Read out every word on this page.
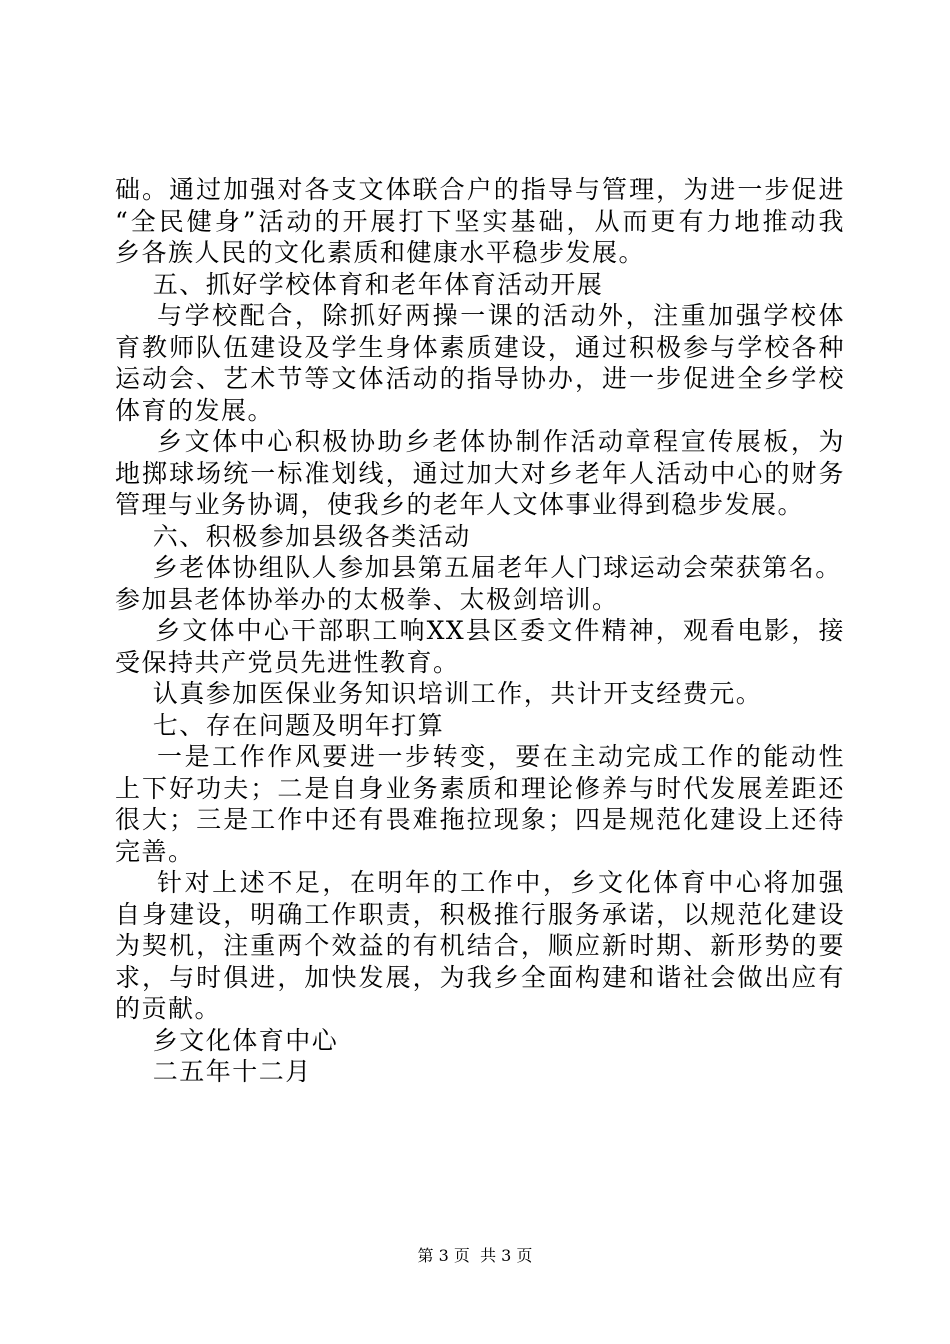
础。通过加强对各支文体联合户的指导与管理，为进一步促进
“全民健身”活动的开展打下坚实基础，从而更有力地推动我
乡各族人民的文化素质和健康水平稳步发展。
五、抓好学校体育和老年体育活动开展
与学校配合，除抓好两操一课的活动外，注重加强学校体
育教师队伍建设及学生身体素质建设，通过积极参与学校各种
运动会、艺术节等文体活动的指导协办，进一步促进全乡学校
体育的发展。
乡文体中心积极协助乡老体协制作活动章程宣传展板，为
地掷球场统一标准划线，通过加大对乡老年人活动中心的财务
管理与业务协调，使我乡的老年人文体事业得到稳步发展。
六、积极参加县级各类活动
乡老体协组队人参加县第五届老年人门球运动会荣获第名。
参加县老体协举办的太极拳、太极剑培训。
乡文体中心干部职工响XX县区委文件精神，观看电影，接
受保持共产党员先进性教育。
认真参加医保业务知识培训工作，共计开支经费元。
七、存在问题及明年打算
一是工作作风要进一步转变，要在主动完成工作的能动性
上下好功夫；二是自身业务素质和理论修养与时代发展差距还
很大；三是工作中还有畏难拖拉现象；四是规范化建设上还待
完善。
针对上述不足，在明年的工作中，乡文化体育中心将加强
自身建设，明确工作职责，积极推行服务承诺，以规范化建设
为契机，注重两个效益的有机结合，顺应新时期、新形势的要
求，与时俱进，加快发展，为我乡全面构建和谐社会做出应有
的贡献。
乡文化体育中心
二五年十二月
第 3 页  共 3 页
